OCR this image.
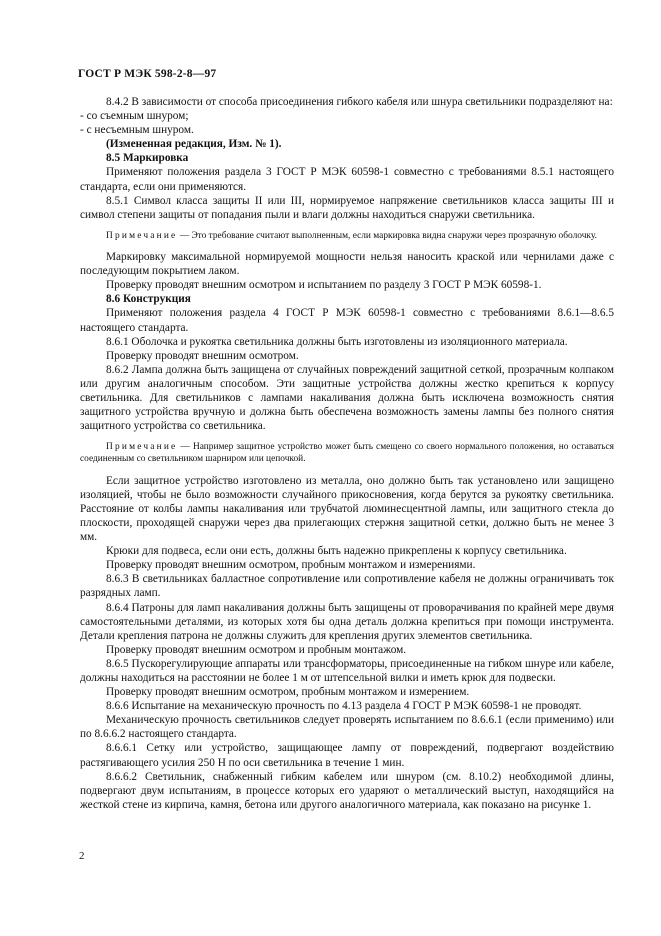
ГОСТ Р МЭК 598-2-8—97

8.4.2 В зависимости от способа присоединения гибкого кабеля или шнура светильники подразделяют на:

- со съемным шнуром;

- с несъемным шнуром.

(Измененная редакция, Изм. № 1).

8.5 Маркировка

Применяют положения раздела 3 ГОСТ Р МЭК 60598-1 совместно с требованиями 8.5.1 настоящего стандарта, если они применяются.

8.5.1 Символ класса защиты II или III, нормируемое напряжение светильников класса защиты III и символ степени защиты от попадания пыли и влаги должны находиться снаружи светильника.

Примечание — Это требование считают выполненным, если маркировка видна снаружи через прозрачную оболочку.

Маркировку максимальной нормируемой мощности нельзя наносить краской или чернилами даже с последующим покрытием лаком.

Проверку проводят внешним осмотром и испытанием по разделу 3 ГОСТ Р МЭК 60598-1.

8.6 Конструкция

Применяют положения раздела 4 ГОСТ Р МЭК 60598-1 совместно с требованиями 8.6.1—8.6.5 настоящего стандарта.

8.6.1 Оболочка и рукоятка светильника должны быть изготовлены из изоляционного материала.

Проверку проводят внешним осмотром.

8.6.2 Лампа должна быть защищена от случайных повреждений защитной сеткой, прозрачным колпаком или другим аналогичным способом. Эти защитные устройства должны жестко крепиться к корпусу светильника. Для светильников с лампами накаливания должна быть исключена возможность снятия защитного устройства вручную и должна быть обеспечена возможность замены лампы без полного снятия защитного устройства со светильника.

Примечание — Например защитное устройство может быть смещено со своего нормального положения, но оставаться соединенным со светильником шарниром или цепочкой.

Если защитное устройство изготовлено из металла, оно должно быть так установлено или защищено изоляцией, чтобы не было возможности случайного прикосновения, когда берутся за рукоятку светильника. Расстояние от колбы лампы накаливания или трубчатой люминесцентной лампы, или защитного стекла до плоскости, проходящей снаружи через два прилегающих стержня защитной сетки, должно быть не менее 3 мм.

Крюки для подвеса, если они есть, должны быть надежно прикреплены к корпусу светильника.

Проверку проводят внешним осмотром, пробным монтажом и измерениями.

8.6.3 В светильниках балластное сопротивление или сопротивление кабеля не должны ограничивать ток разрядных ламп.

8.6.4 Патроны для ламп накаливания должны быть защищены от проворачивания по крайней мере двумя самостоятельными деталями, из которых хотя бы одна деталь должна крепиться при помощи инструмента. Детали крепления патрона не должны служить для крепления других элементов светильника.

Проверку проводят внешним осмотром и пробным монтажом.

8.6.5 Пускорегулирующие аппараты или трансформаторы, присоединенные на гибком шнуре или кабеле, должны находиться на расстоянии не более 1 м от штепсельной вилки и иметь крюк для подвески.

Проверку проводят внешним осмотром, пробным монтажом и измерением.

8.6.6 Испытание на механическую прочность по 4.13 раздела 4 ГОСТ Р МЭК 60598-1 не проводят.

Механическую прочность светильников следует проверять испытанием по 8.6.6.1 (если применимо) или по 8.6.6.2 настоящего стандарта.

8.6.6.1 Сетку или устройство, защищающее лампу от повреждений, подвергают воздействию растягивающего усилия 250 Н по оси светильника в течение 1 мин.

8.6.6.2 Светильник, снабженный гибким кабелем или шнуром (см. 8.10.2) необходимой длины, подвергают двум испытаниям, в процессе которых его ударяют о металлический выступ, находящийся на жесткой стене из кирпича, камня, бетона или другого аналогичного материала, как показано на рисунке 1.

2
